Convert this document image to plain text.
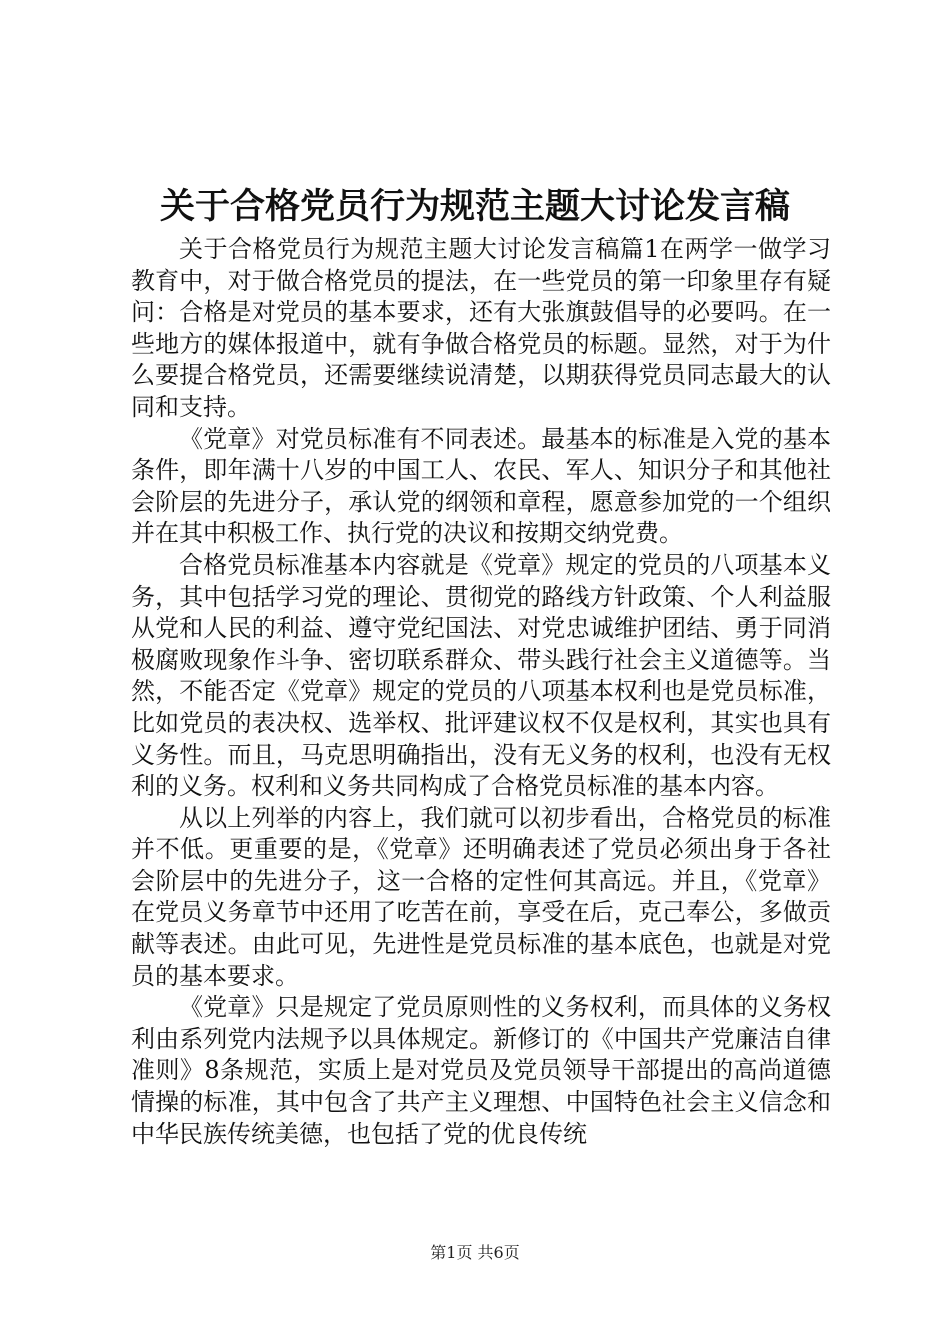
关于合格党员行为规范主题大讨论发言稿

关于合格党员行为规范主题大讨论发言稿篇1在两学一做学习教育中，对于做合格党员的提法，在一些党员的第一印象里存有疑问：合格是对党员的基本要求，还有大张旗鼓倡导的必要吗。在一些地方的媒体报道中，就有争做合格党员的标题。显然，对于为什么要提合格党员，还需要继续说清楚，以期获得党员同志最大的认同和支持。

《党章》对党员标准有不同表述。最基本的标准是入党的基本条件，即年满十八岁的中国工人、农民、军人、知识分子和其他社会阶层的先进分子，承认党的纲领和章程，愿意参加党的一个组织并在其中积极工作、执行党的决议和按期交纳党费。

合格党员标准基本内容就是《党章》规定的党员的八项基本义务，其中包括学习党的理论、贯彻党的路线方针政策、个人利益服从党和人民的利益、遵守党纪国法、对党忠诚维护团结、勇于同消极腐败现象作斗争、密切联系群众、带头践行社会主义道德等。当然，不能否定《党章》规定的党员的八项基本权利也是党员标准，比如党员的表决权、选举权、批评建议权不仅是权利，其实也具有义务性。而且，马克思明确指出，没有无义务的权利，也没有无权利的义务。权利和义务共同构成了合格党员标准的基本内容。

从以上列举的内容上，我们就可以初步看出，合格党员的标准并不低。更重要的是，《党章》还明确表述了党员必须出身于各社会阶层中的先进分子，这一合格的定性何其高远。并且，《党章》在党员义务章节中还用了吃苦在前，享受在后，克己奉公，多做贡献等表述。由此可见，先进性是党员标准的基本底色，也就是对党员的基本要求。

《党章》只是规定了党员原则性的义务权利，而具体的义务权利由系列党内法规予以具体规定。新修订的《中国共产党廉洁自律准则》8条规范，实质上是对党员及党员领导干部提出的高尚道德情操的标准，其中包含了共产主义理想、中国特色社会主义信念和中华民族传统美德，也包括了党的优良传统

第1页 共6页
